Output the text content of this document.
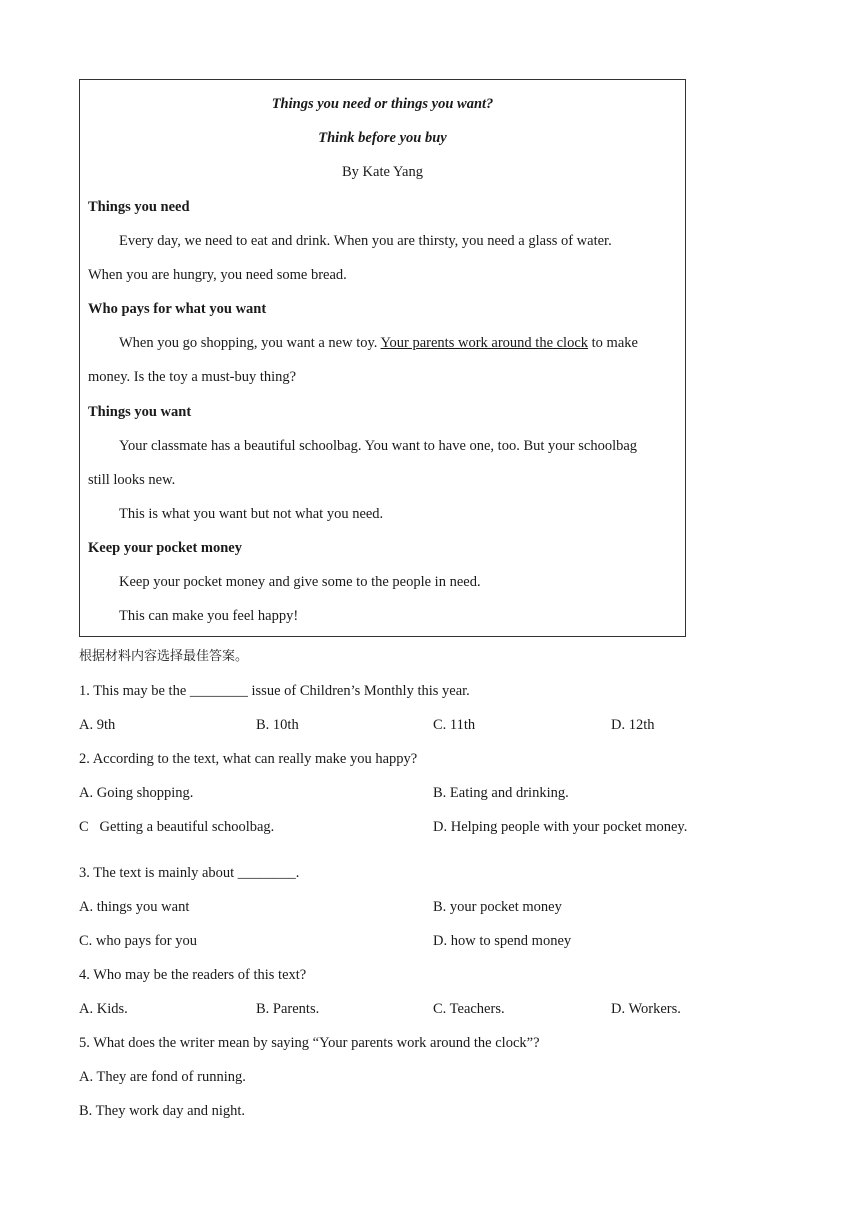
Things you need or things you want?
Think before you buy
By Kate Yang
Things you need
Every day, we need to eat and drink. When you are thirsty, you need a glass of water.
When you are hungry, you need some bread.
Who pays for what you want
When you go shopping, you want a new toy. Your parents work around the clock to make
money. Is the toy a must-buy thing?
Things you want
Your classmate has a beautiful schoolbag. You want to have one, too. But your schoolbag
still looks new.
This is what you want but not what you need.
Keep your pocket money
Keep your pocket money and give some to the people in need.
This can make you feel happy!
根据材料内容选择最佳答案。
1. This may be the ________ issue of Children’s Monthly this year.
A. 9th	B. 10th	C. 11th	D. 12th
2. According to the text, what can really make you happy?
A. Going shopping.	B. Eating and drinking.
C   Getting a beautiful schoolbag.	D. Helping people with your pocket money.
3. The text is mainly about ________.
A. things you want	B. your pocket money
C. who pays for you	D. how to spend money
4. Who may be the readers of this text?
A. Kids.	B. Parents.	C. Teachers.	D. Workers.
5. What does the writer mean by saying “Your parents work around the clock”?
A. They are fond of running.
B. They work day and night.
